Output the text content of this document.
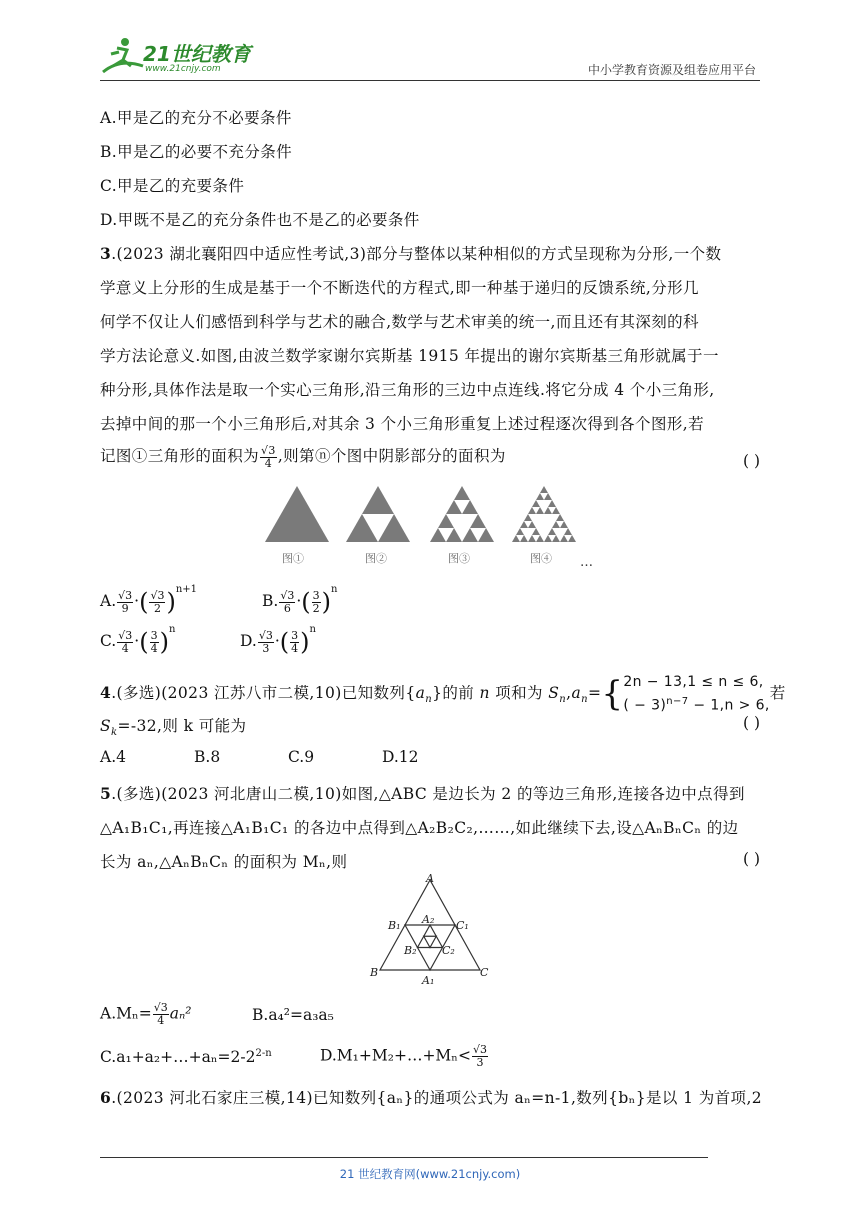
21世纪教育
www.21cnjy.com	中小学教育资源及组卷应用平台
A.甲是乙的充分不必要条件
B.甲是乙的必要不充分条件
C.甲是乙的充要条件
D.甲既不是乙的充分条件也不是乙的必要条件
3.(2023 湖北襄阳四中适应性考试,3)部分与整体以某种相似的方式呈现称为分形,一个数
学意义上分形的生成是基于一个不断迭代的方程式,即一种基于递归的反馈系统,分形几
何学不仅让人们感悟到科学与艺术的融合,数学与艺术审美的统一,而且还有其深刻的科
学方法论意义.如图,由波兰数学家谢尔宾斯基 1915 年提出的谢尔宾斯基三角形就属于一
种分形,具体作法是取一个实心三角形,沿三角形的三边中点连线.将它分成 4 个小三角形,
去掉中间的那一个小三角形后,对其余 3 个小三角形重复上述过程逐次得到各个图形,若
记图①三角形的面积为 $\frac{√3}{4}$ ,则第ⓝ个图中阴影部分的面积为	( )
图①	图②	图③	图④ …
A. $\frac{√3}{9}$ ·( $\frac{√3}{2} )^{n+1}$
B. $\frac{√3}{6}$ ·( $\frac{3}{2} )^n$
C. $\frac{√3}{4}$ ·( $\frac{3}{4} )^n$
D. $\frac{√3}{3}$ ·( $\frac{3}{4} )^n$
4.(多选)(2023 江苏八市二模,10)已知数列$\{a_n\}$的前 n 项和为 $S_n,a_n=${ 2n − 13,1 ≤ n ≤ 6,
( − 3)$^{n-7}$ − 1,n > 6,
若
$S_k=-32$,则 k 可能为	( )
A.4	B.8	C.9	D.12
5.(多选)(2023 河北唐山二模,10)如图,△ABC 是边长为 2 的等边三角形,连接各边中点得到
△A₁B₁C₁,再连接△A₁B₁C₁ 的各边中点得到△A₂B₂C₂,……,如此继续下去,设△AₙBₙCₙ 的边
长为 aₙ,△AₙBₙCₙ 的面积为 Mₙ,则	( )
A
B	C
B₁	C₁
A₁
A₂
B₂ C₂
$A.M_n= \frac{√3}{4} a_n^2$	B.a₄²=a₃a₅
$C.a_1+a_2+\dots+a_n=2-2^{2-n}$	D.M₁+M₂+…+Mₙ< $\frac{√3}{3}$
6.(2023 河北石家庄三模,14)已知数列{aₙ}的通项公式为 aₙ=n-1,数列{bₙ}是以 1 为首项,2
21 世纪教育网(www.21cnjy.com)
